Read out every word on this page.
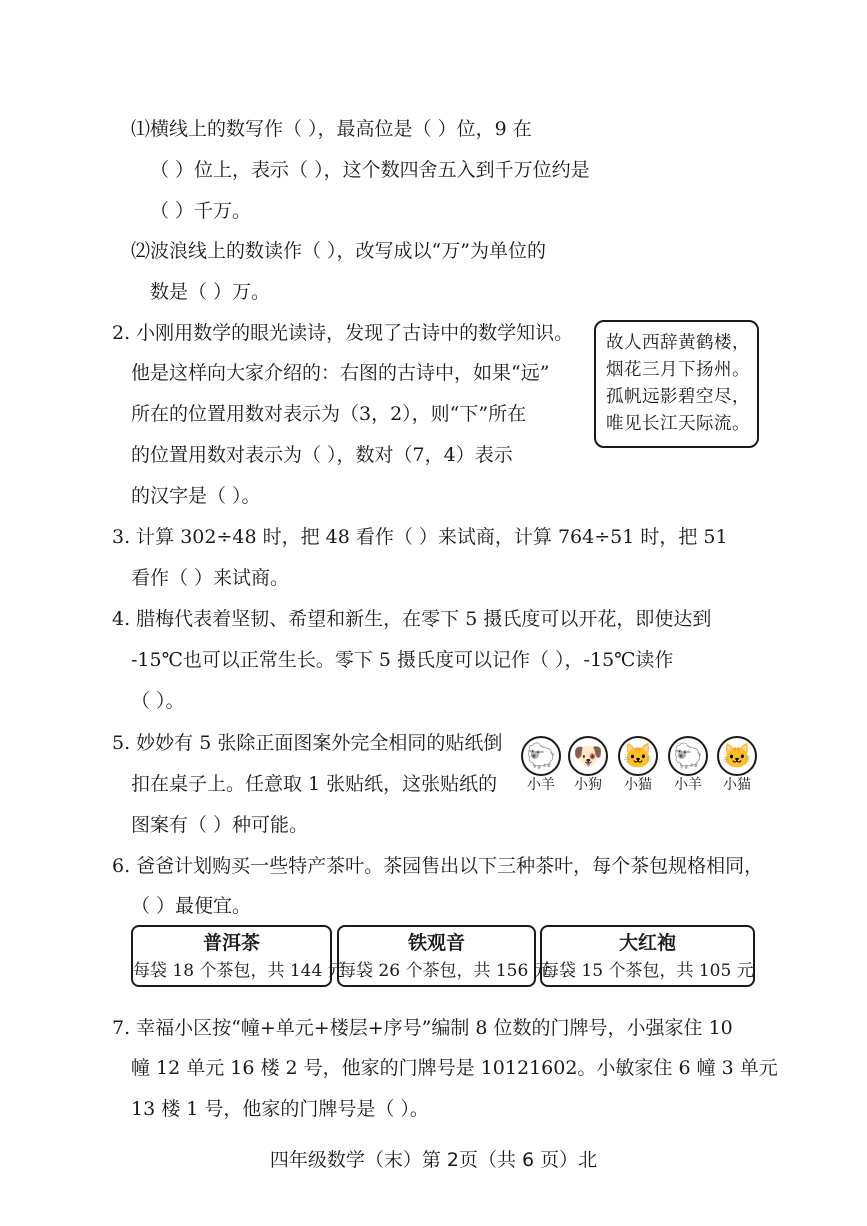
⑴横线上的数写作（ ），最高位是（ ）位，9 在
（ ）位上，表示（ ），这个数四舍五入到千万位约是
（ ）千万。
⑵波浪线上的数读作（ ），改写成以“万”为单位的
数是（ ）万。
2. 小刚用数学的眼光读诗，发现了古诗中的数学知识。
他是这样向大家介绍的：右图的古诗中，如果“远”
所在的位置用数对表示为（3，2），则“下”所在
的位置用数对表示为（ ），数对（7，4）表示
的汉字是（ ）。
故人西辞黄鹤楼，
烟花三月下扬州。
孤帆远影碧空尽，
唯见长江天际流。
3. 计算 302÷48 时，把 48 看作（ ）来试商，计算 764÷51 时，把 51
看作（ ）来试商。
4. 腊梅代表着坚韧、希望和新生，在零下 5 摄氏度可以开花，即使达到
-15℃也可以正常生长。零下 5 摄氏度可以记作（ ），-15℃读作
（ ）。
5. 妙妙有 5 张除正面图案外完全相同的贴纸倒
扣在桌子上。任意取 1 张贴纸，这张贴纸的
图案有（ ）种可能。
🐑 🐶 🐱 🐑 🐱
小羊	小狗	小猫	小羊	小猫
6. 爸爸计划购买一些特产茶叶。茶园售出以下三种茶叶，每个茶包规格相同，
（ ）最便宜。
普洱茶
每袋 18 个茶包，共 144 元
铁观音
每袋 26 个茶包，共 156 元
大红袍
每袋 15 个茶包，共 105 元
7. 幸福小区按“幢+单元+楼层+序号”编制 8 位数的门牌号，小强家住 10
幢 12 单元 16 楼 2 号，他家的门牌号是 10121602。小敏家住 6 幢 3 单元
13 楼 1 号，他家的门牌号是（ ）。
四年级数学（末）第 2页（共 6 页）北
